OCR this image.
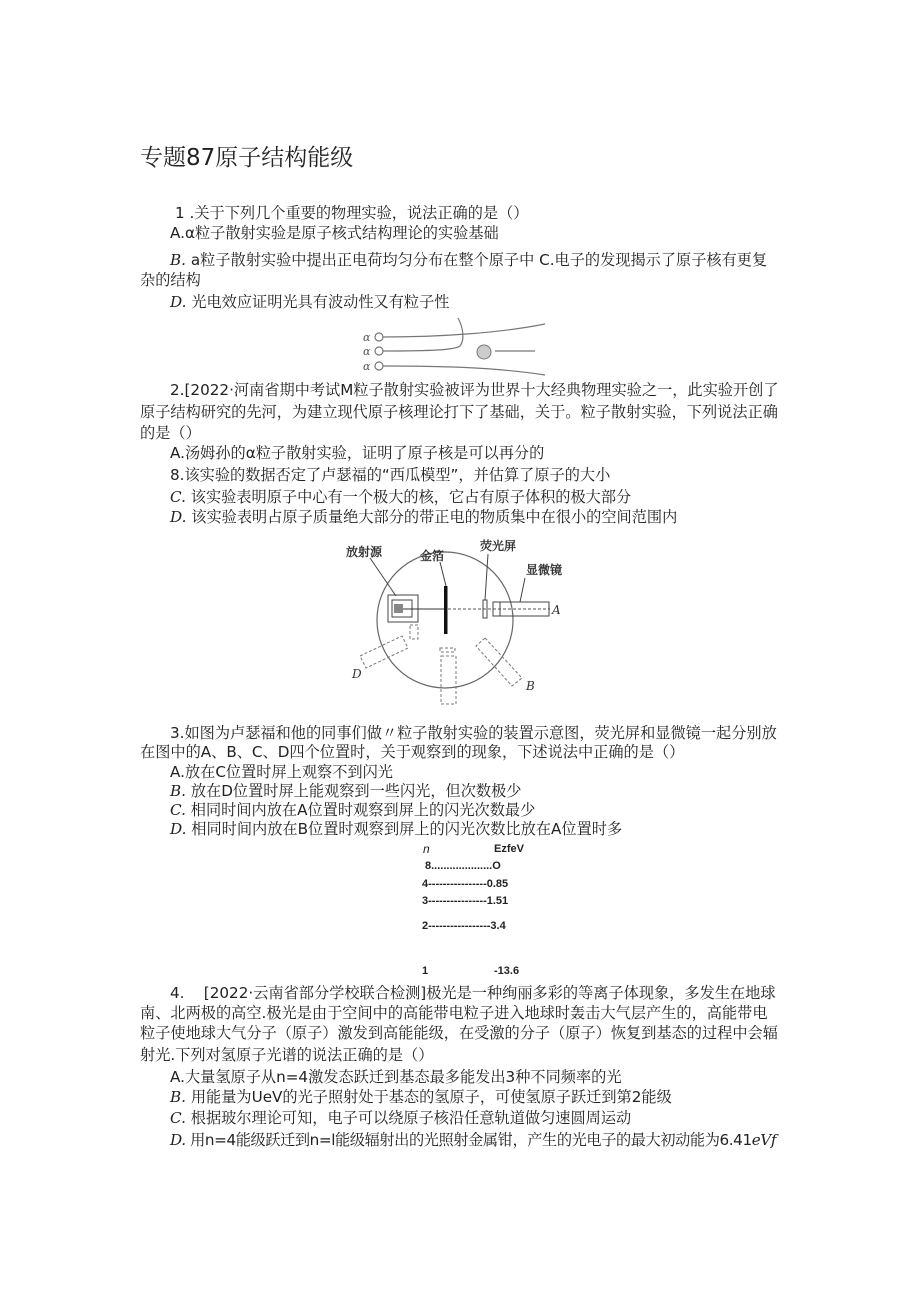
专题87原子结构能级
1 .关于下列几个重要的物理实验，说法正确的是（）
A.α粒子散射实验是原子核式结构理论的实验基础
B. a粒子散射实验中提出正电荷均匀分布在整个原子中 C.电子的发现揭示了原子核有更复
杂的结构
D. 光电效应证明光具有波动性又有粒子性
α
α
α
2.[2022·河南省期中考试M粒子散射实验被评为世界十大经典物理实验之一，此实验开创了
原子结构研究的先河，为建立现代原子核理论打下了基础，关于。粒子散射实验，下列说法正确
的是（）
A.汤姆孙的α粒子散射实验，证明了原子核是可以再分的
8.该实验的数据否定了卢瑟福的“西瓜模型”，并估算了原子的大小
C. 该实验表明原子中心有一个极大的核，它占有原子体积的极大部分
D. 该实验表明占原子质量绝大部分的带正电的物质集中在很小的空间范围内
放射源	金箔
荧光屏
显微镜
A
B
D
3.如图为卢瑟福和他的同事们做〃粒子散射实验的装置示意图，荧光屏和显微镜一起分别放
在图中的A、B、C、D四个位置时，关于观察到的现象，下述说法中正确的是（）
A.放在C位置时屏上观察不到闪光
B. 放在D位置时屏上能观察到一些闪光，但次数极少
C. 相同时间内放在A位置时观察到屏上的闪光次数最少
D. 相同时间内放在B位置时观察到屏上的闪光次数比放在A位置时多
n	EzfeV
8....................O
4----------------0.85
3----------------1.51
2-----------------3.4
1	-13.6
4.    [2022·云南省部分学校联合检测]极光是一种绚丽多彩的等离子体现象，多发生在地球
南、北两极的高空.极光是由于空间中的高能带电粒子进入地球时轰击大气层产生的，高能带电
粒子使地球大气分子（原子）激发到高能能级，在受激的分子（原子）恢复到基态的过程中会辐
射光.下列对氢原子光谱的说法正确的是（）
A.大量氢原子从n=4激发态跃迁到基态最多能发出3种不同频率的光
B. 用能量为UeV的光子照射处于基态的氢原子，可使氢原子跃迁到第2能级
C. 根据玻尔理论可知，电子可以绕原子核沿任意轨道做匀速圆周运动
D. 用n=4能级跃迁到n=l能级辐射出的光照射金属钳，产生的光电子的最大初动能为6.41eVf
